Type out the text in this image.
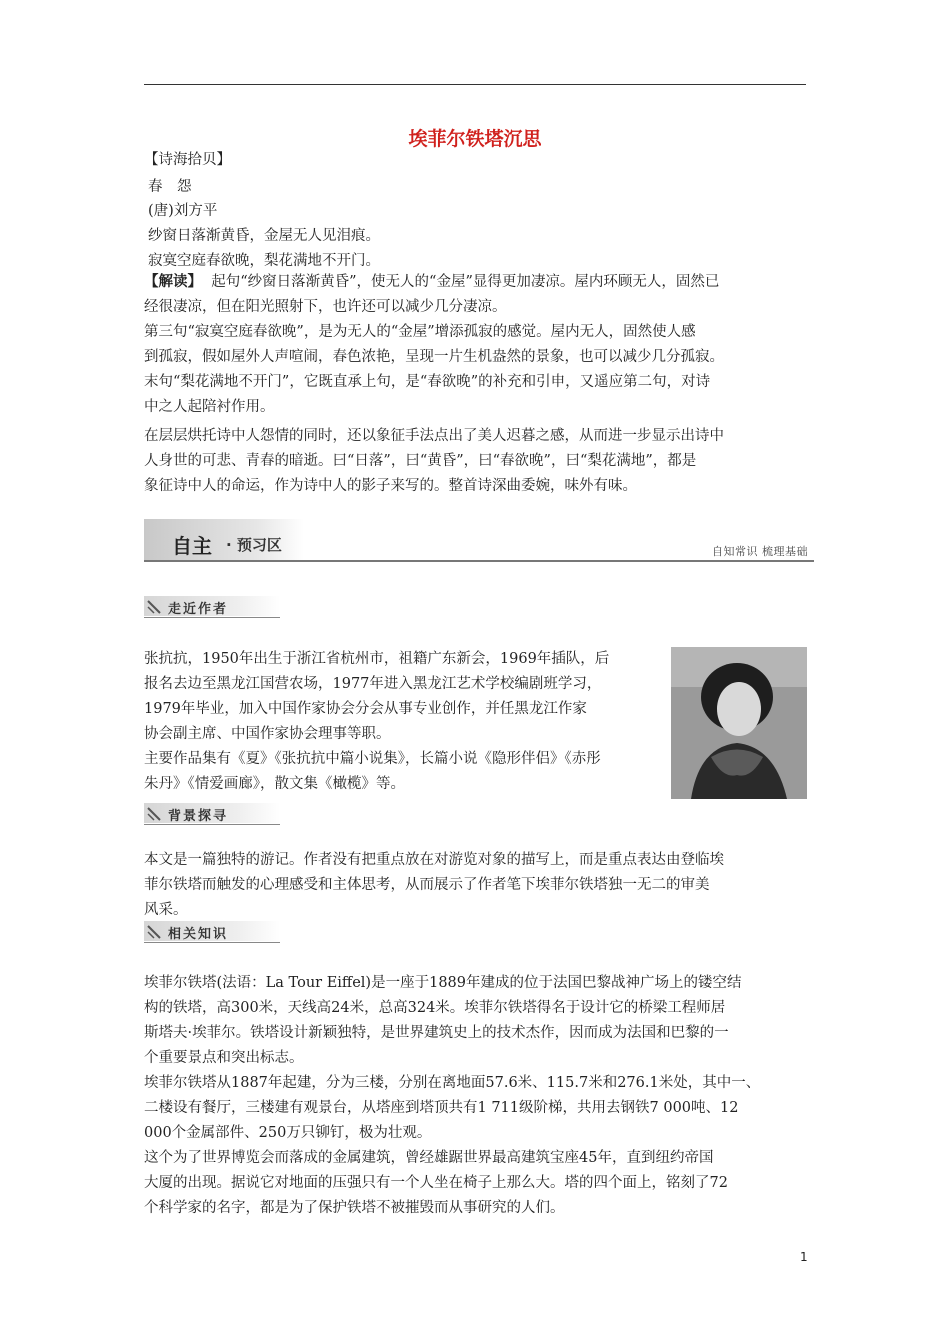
埃菲尔铁塔沉思

【诗海拾贝】

春　怨

(唐)刘方平

纱窗日落渐黄昏，金屋无人见泪痕。

寂寞空庭春欲晚，梨花满地不开门。

【解读】 起句“纱窗日落渐黄昏”，使无人的“金屋”显得更加凄凉。屋内环顾无人，固然已

经很凄凉，但在阳光照射下，也许还可以减少几分凄凉。

第三句“寂寞空庭春欲晚”，是为无人的“金屋”增添孤寂的感觉。屋内无人，固然使人感

到孤寂，假如屋外人声喧闹，春色浓艳，呈现一片生机盎然的景象，也可以减少几分孤寂。

末句“梨花满地不开门”，它既直承上句，是“春欲晚”的补充和引申，又遥应第二句，对诗

中之人起陪衬作用。

在层层烘托诗中人怨情的同时，还以象征手法点出了美人迟暮之感，从而进一步显示出诗中

人身世的可悲、青春的暗逝。曰“日落”，曰“黄昏”，曰“春欲晚”，曰“梨花满地”，都是

象征诗中人的命运，作为诗中人的影子来写的。整首诗深曲委婉，味外有味。

自主 · 预习区	自知常识 梳理基础
走近作者

张抗抗，1950年出生于浙江省杭州市，祖籍广东新会，1969年插队，后

报名去边至黑龙江国营农场，1977年进入黑龙江艺术学校编剧班学习，

1979年毕业，加入中国作家协会分会从事专业创作，并任黑龙江作家

协会副主席、中国作家协会理事等职。

主要作品集有《夏》《张抗抗中篇小说集》，长篇小说《隐形伴侣》《赤彤

朱丹》《情爱画廊》，散文集《橄榄》等。

背景探寻

本文是一篇独特的游记。作者没有把重点放在对游览对象的描写上，而是重点表达由登临埃

菲尔铁塔而触发的心理感受和主体思考，从而展示了作者笔下埃菲尔铁塔独一无二的审美

风采。

相关知识

埃菲尔铁塔(法语：La Tour Eiffel)是一座于1889年建成的位于法国巴黎战神广场上的镂空结

构的铁塔，高300米，天线高24米，总高324米。埃菲尔铁塔得名于设计它的桥梁工程师居

斯塔夫·埃菲尔。铁塔设计新颖独特，是世界建筑史上的技术杰作，因而成为法国和巴黎的一

个重要景点和突出标志。

埃菲尔铁塔从1887年起建，分为三楼，分别在离地面57.6米、115.7米和276.1米处，其中一、

二楼设有餐厅，三楼建有观景台，从塔座到塔顶共有1 711级阶梯，共用去钢铁7 000吨、12

000个金属部件、250万只铆钉，极为壮观。

这个为了世界博览会而落成的金属建筑，曾经雄踞世界最高建筑宝座45年，直到纽约帝国

大厦的出现。据说它对地面的压强只有一个人坐在椅子上那么大。塔的四个面上，铭刻了72

个科学家的名字，都是为了保护铁塔不被摧毁而从事研究的人们。

1
